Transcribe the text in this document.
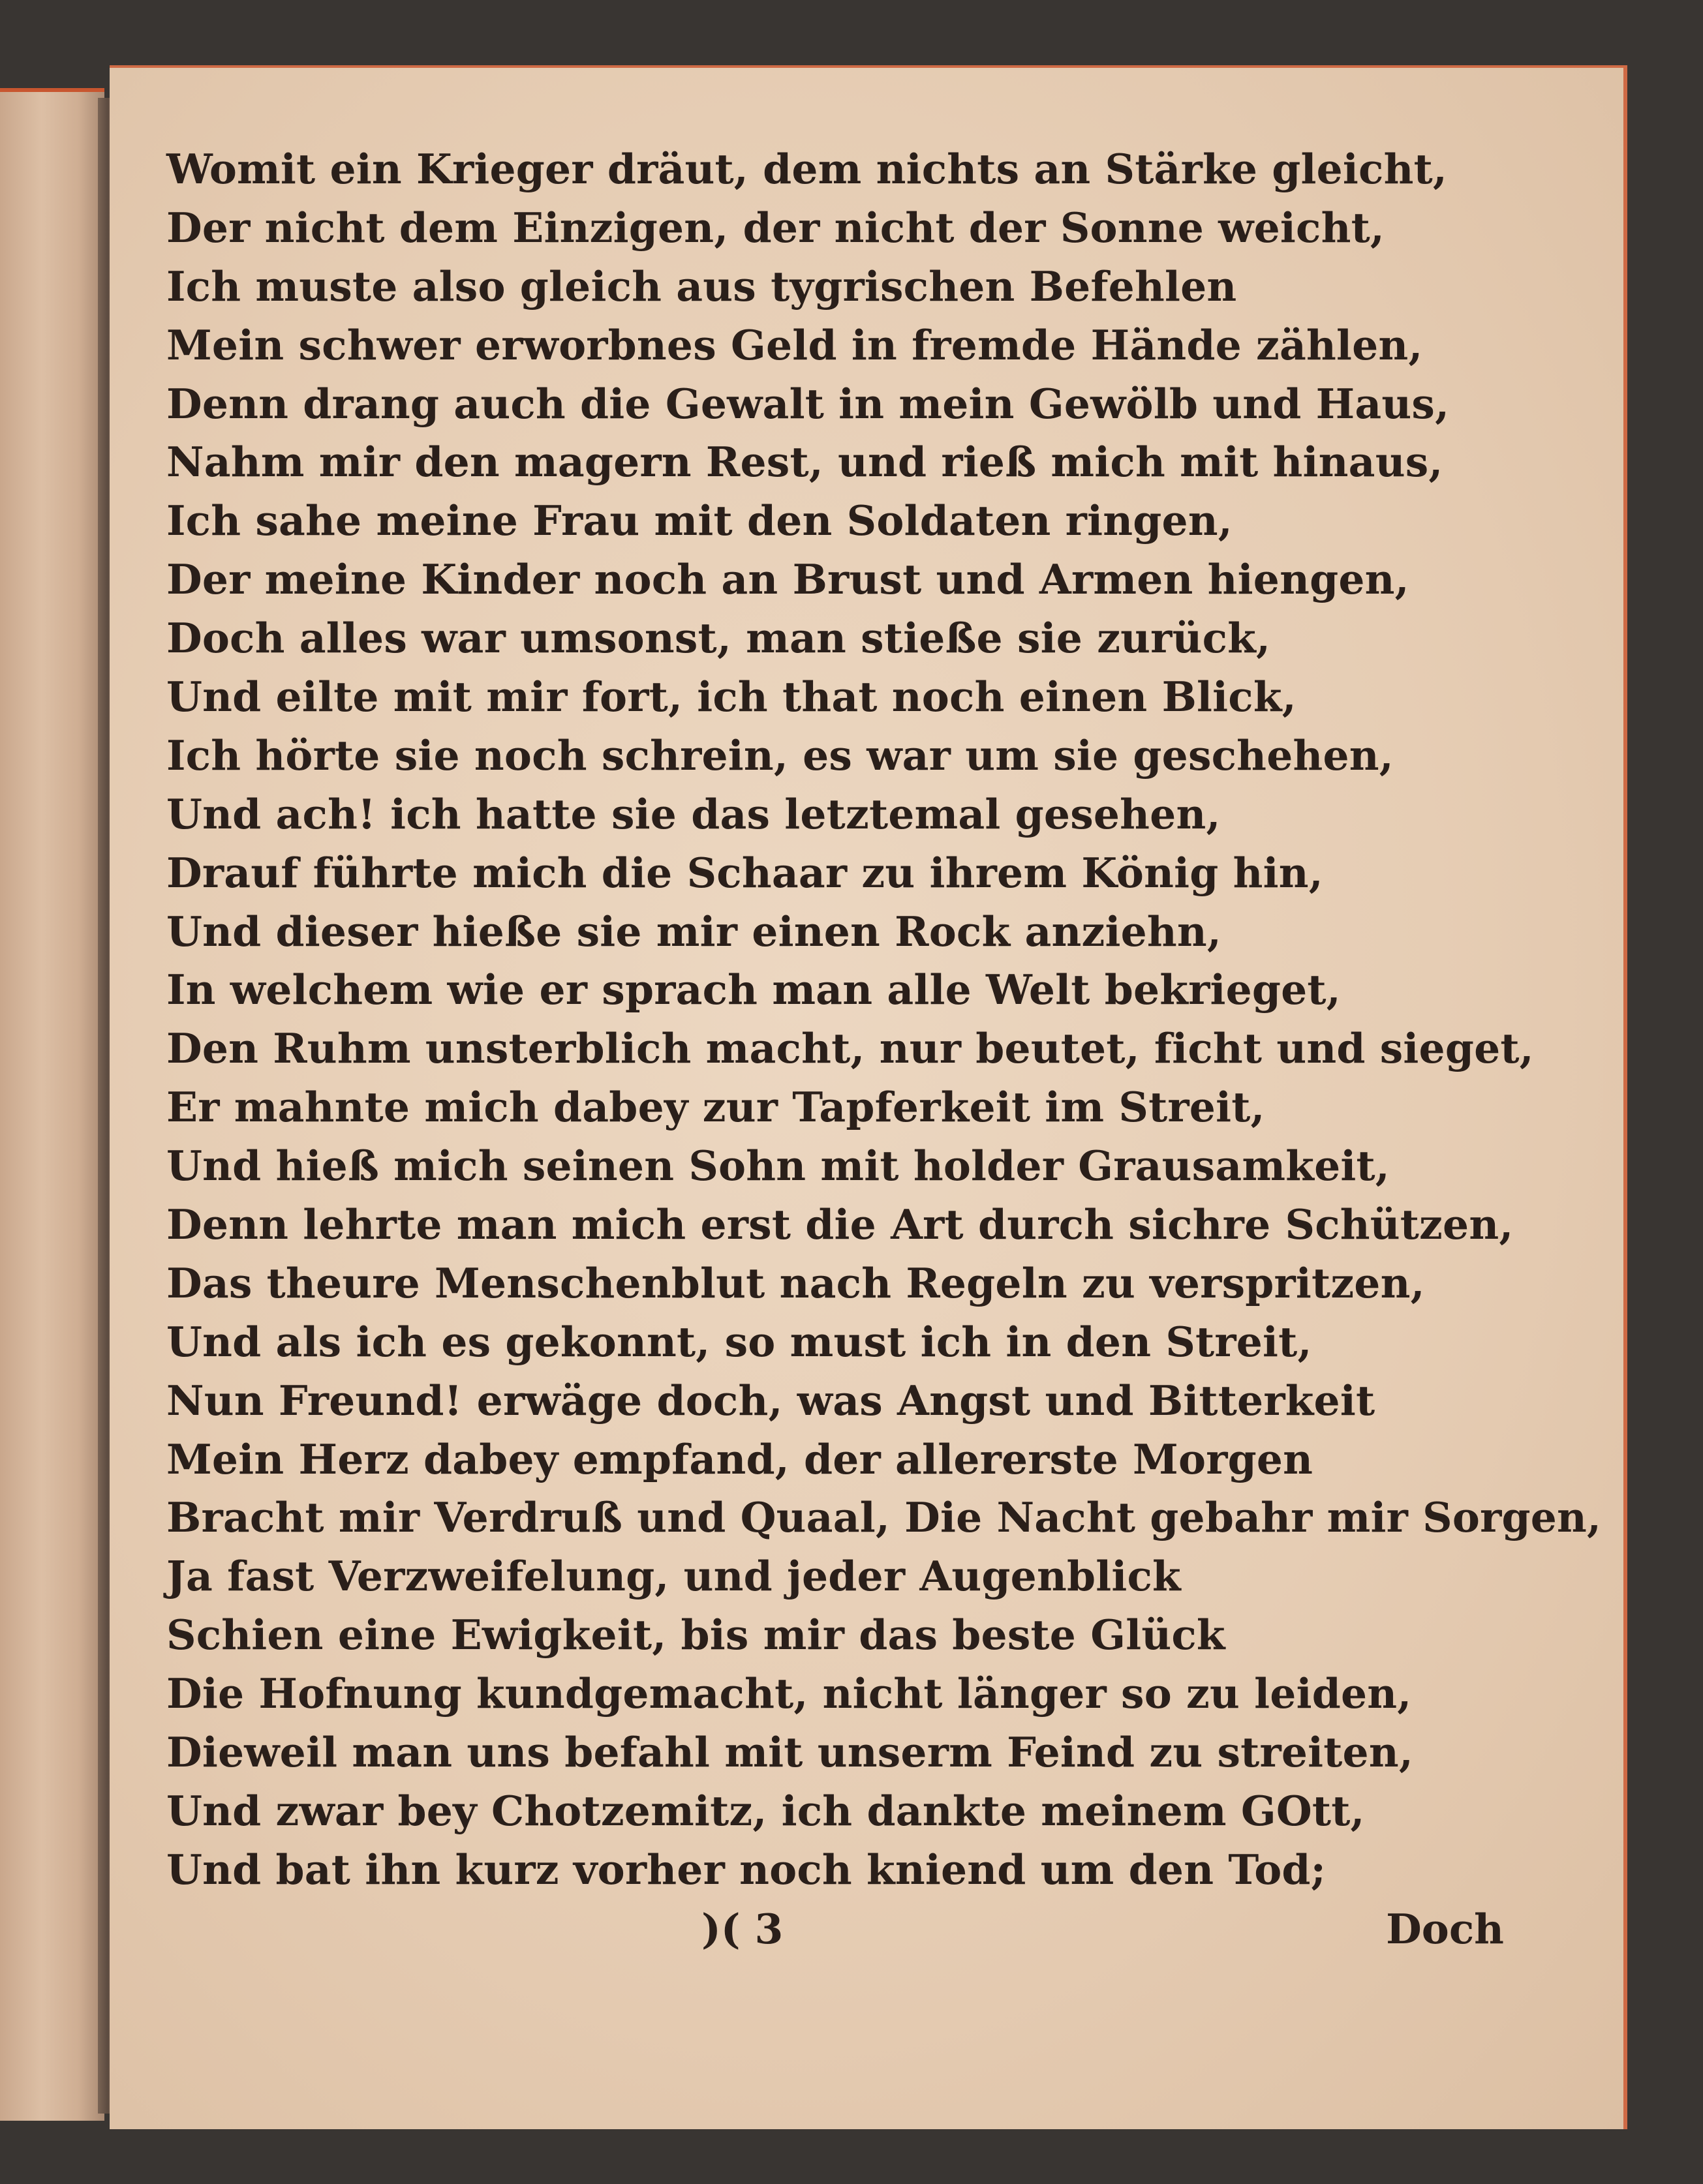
Womit ein Krieger dräut, dem nichts an Stärke gleicht,
Der nicht dem Einzigen, der nicht der Sonne weicht,
Ich muste also gleich aus tygrischen Befehlen
Mein schwer erworbnes Geld in fremde Hände zählen,
Denn drang auch die Gewalt in mein Gewölb und Haus,
Nahm mir den magern Rest, und rieß mich mit hinaus,
Ich sahe meine Frau mit den Soldaten ringen,
Der meine Kinder noch an Brust und Armen hiengen,
Doch alles war umsonst, man stieße sie zurück,
Und eilte mit mir fort, ich that noch einen Blick,
Ich hörte sie noch schrein, es war um sie geschehen,
Und ach! ich hatte sie das letztemal gesehen,
Drauf führte mich die Schaar zu ihrem König hin,
Und dieser hieße sie mir einen Rock anziehn,
In welchem wie er sprach man alle Welt bekrieget,
Den Ruhm unsterblich macht, nur beutet, ficht und sieget,
Er mahnte mich dabey zur Tapferkeit im Streit,
Und hieß mich seinen Sohn mit holder Grausamkeit,
Denn lehrte man mich erst die Art durch sichre Schützen,
Das theure Menschenblut nach Regeln zu verspritzen,
Und als ich es gekonnt, so must ich in den Streit,
Nun Freund! erwäge doch, was Angst und Bitterkeit
Mein Herz dabey empfand, der allererste Morgen
Bracht mir Verdruß und Quaal, Die Nacht gebahr mir Sorgen,
Ja fast Verzweifelung, und jeder Augenblick
Schien eine Ewigkeit, bis mir das beste Glück
Die Hofnung kundgemacht, nicht länger so zu leiden,
Dieweil man uns befahl mit unserm Feind zu streiten,
Und zwar bey Chotzemitz, ich dankte meinem GOtt,
Und bat ihn kurz vorher noch kniend um den Tod;
)( 3	Doch
